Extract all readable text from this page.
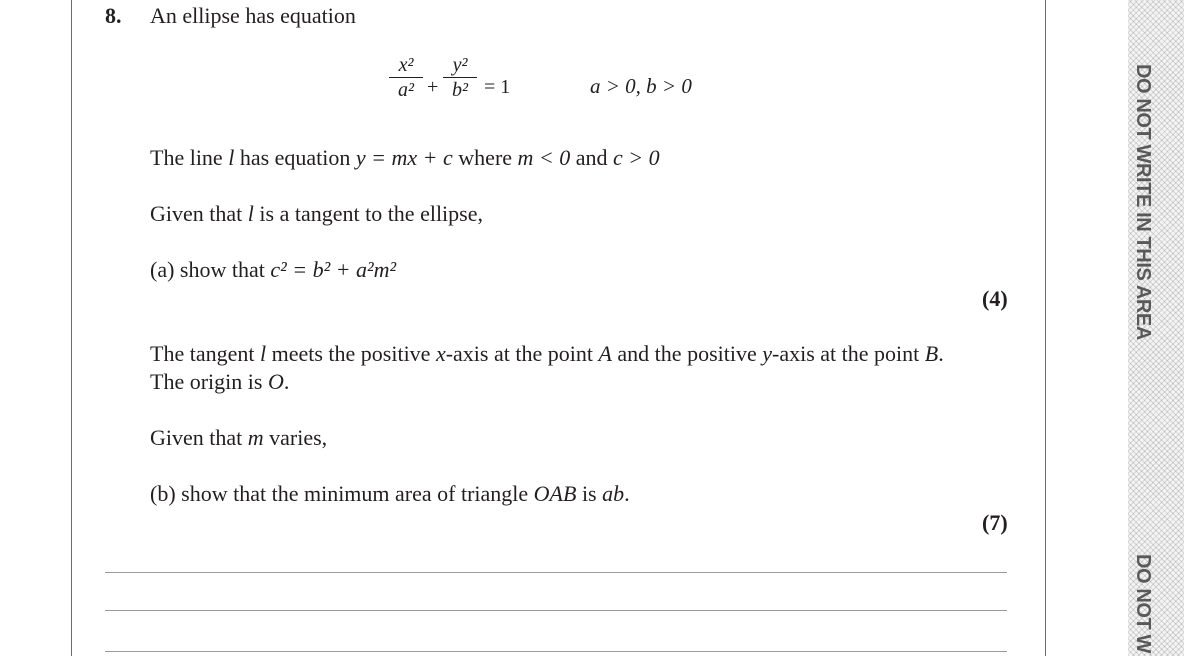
DO NOT WRITE IN THIS AREA
DO NOT W
8. An ellipse has equation
x²
a² +
y²
b² = 1	a > 0, b > 0
The line l has equation y = mx + c where m < 0 and c > 0
Given that l is a tangent to the ellipse,
(a) show that c² = b² + a²m²
(4)
The tangent l meets the positive x-axis at the point A and the positive y-axis at the point B.
The origin is O.
Given that m varies,
(b) show that the minimum area of triangle OAB is ab.
(7)
